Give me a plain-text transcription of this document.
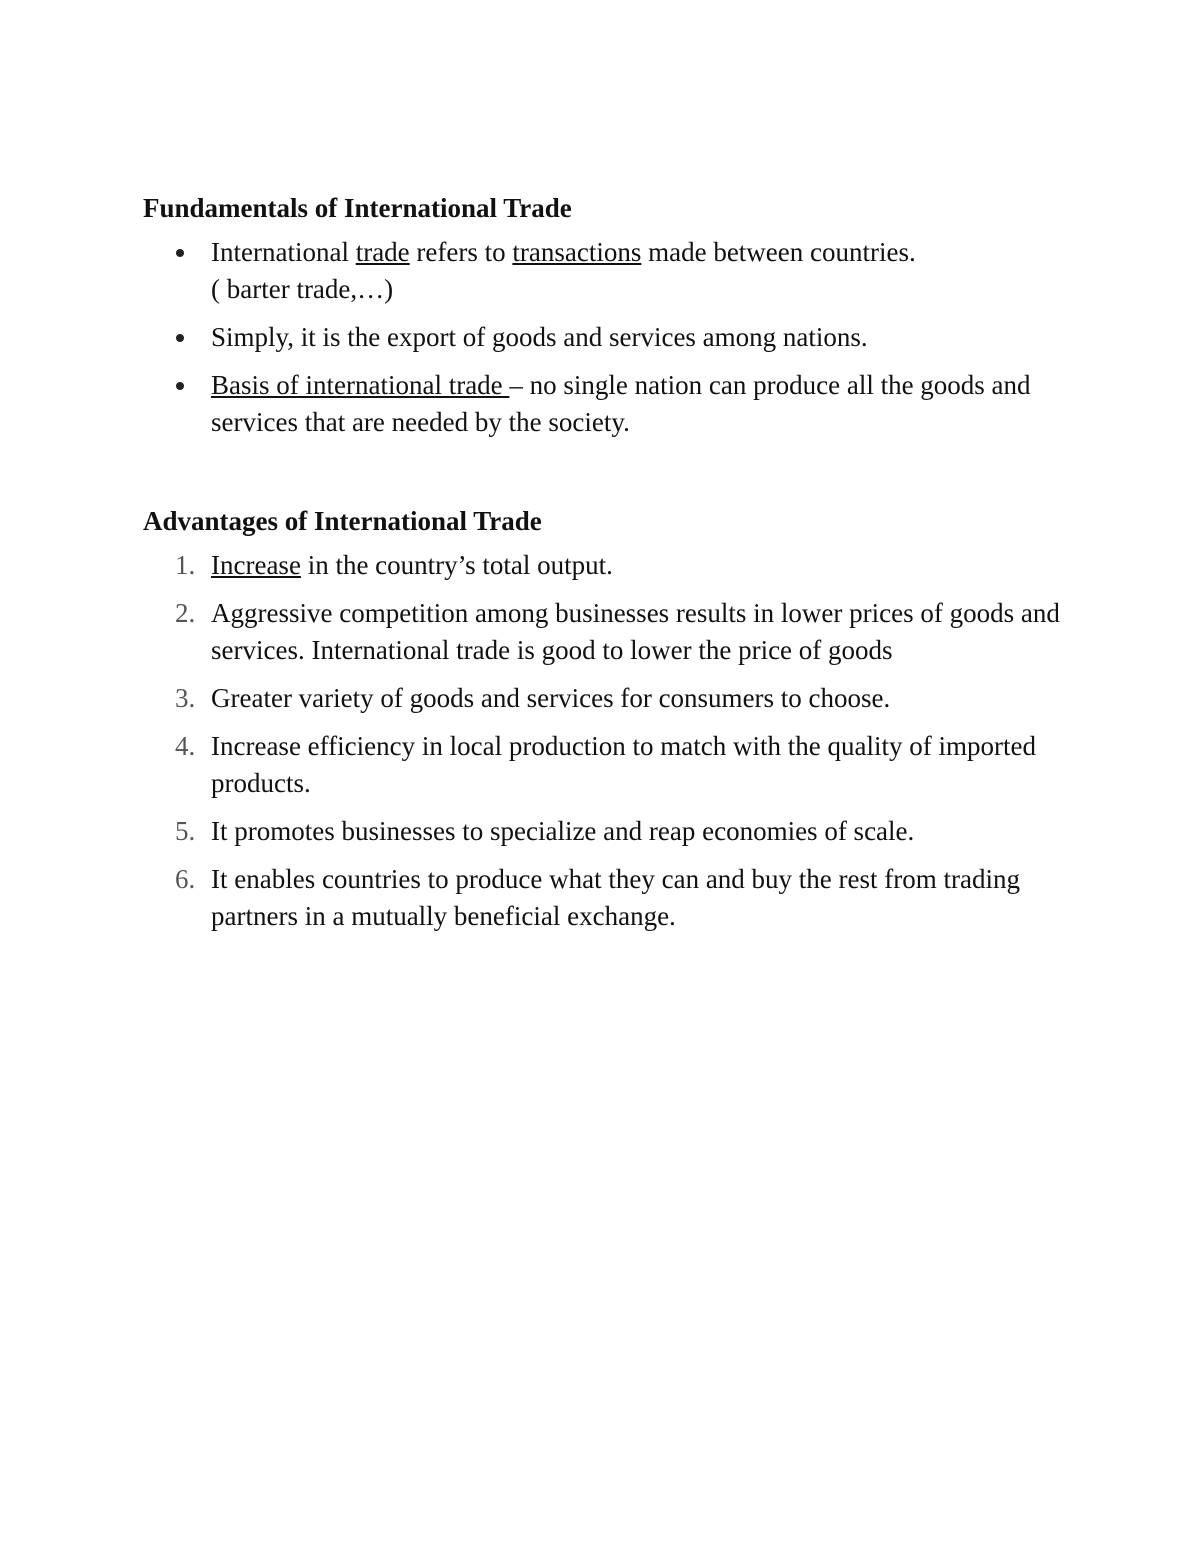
Fundamentals of International Trade
International trade refers to transactions made between countries.
( barter trade,…)
Simply, it is the export of goods and services among nations.
Basis of international trade – no single nation can produce all the goods and services that are needed by the society.
Advantages of International Trade
1. Increase in the country’s total output.
2. Aggressive competition among businesses results in lower prices of goods and services. International trade is good to lower the price of goods
3. Greater variety of goods and services for consumers to choose.
4. Increase efficiency in local production to match with the quality of imported products.
5. It promotes businesses to specialize and reap economies of scale.
6. It enables countries to produce what they can and buy the rest from trading partners in a mutually beneficial exchange.
